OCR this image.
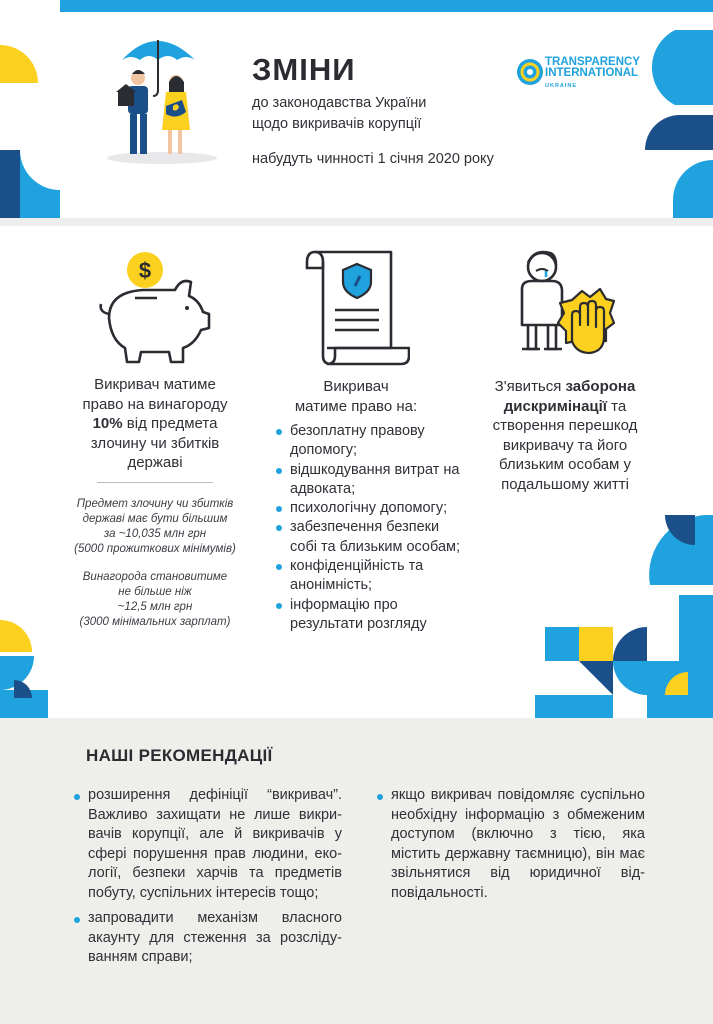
ЗМІНИ
до законодавства України
щодо викривачів корупції
набудуть чинності 1 січня 2020 року
TRANSPARENCY
INTERNATIONAL
UKRAINE
$
Викривач матиме
право на винагороду
10% від предмета
злочину чи збитків
державі
Предмет злочину чи збитків
державі має бути більшим
за ~10,035 млн грн
(5000 прожиткових мінімумів)
Винагорода становитиме
не більше ніж
~12,5 млн грн
(3000 мінімальних зарплат)
Викривач
матиме право на:
безоплатну правову допомогу;
відшкодування витрат на адвоката;
психологічну допомогу;
забезпечення безпеки собі та близьким особам;
конфіденційність та анонімність;
інформацію про результати розгляду
З'явиться заборона
дискримінації та
створення перешкод
викривачу та його
близьким особам у
подальшому житті
НАШІ РЕКОМЕНДАЦІЇ
розширення дефініції “викривач”. Важливо захищати не лише викривачів корупції, але й викривачів у сфері порушення прав людини, екології, безпеки харчів та предметів побуту, суспільних інтересів тощо;
запровадити механізм власного акаунту для стеження за розслідуванням справи;
якщо викривач повідомляє суспільно необхідну інформацію з обмеженим доступом (включно з тією, яка містить державну таємницю), він має звільнятися від юридичної відповідальності.
